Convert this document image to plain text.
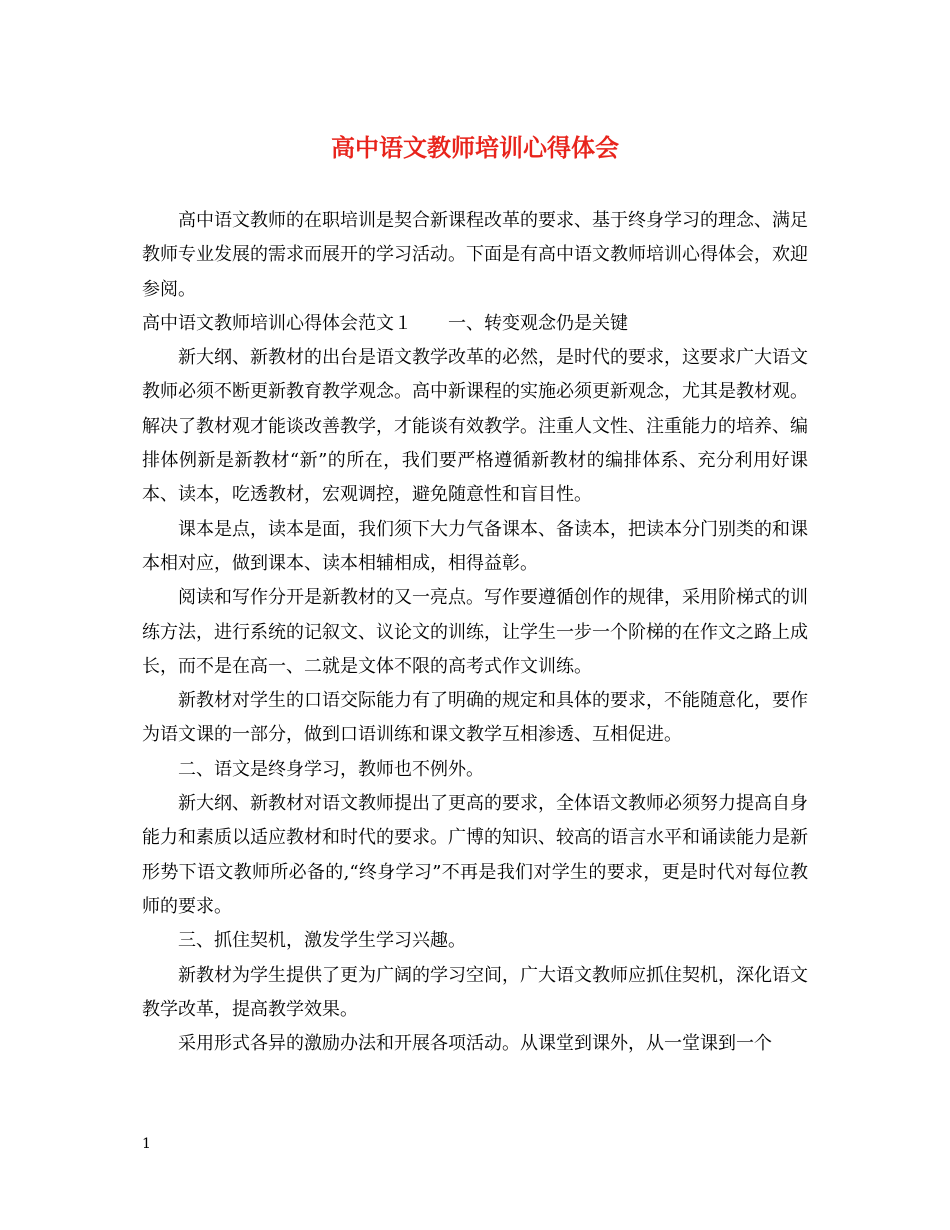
高中语文教师培训心得体会

高中语文教师的在职培训是契合新课程改革的要求、基于终身学习的理念、满足教师专业发展的需求而展开的学习活动。下面是有高中语文教师培训心得体会，欢迎参阅。

高中语文教师培训心得体会范文１　　一、转变观念仍是关键

新大纲、新教材的出台是语文教学改革的必然，是时代的要求，这要求广大语文教师必须不断更新教育教学观念。高中新课程的实施必须更新观念，尤其是教材观。解决了教材观才能谈改善教学，才能谈有效教学。注重人文性、注重能力的培养、编排体例新是新教材“新”的所在，我们要严格遵循新教材的编排体系、充分利用好课本、读本，吃透教材，宏观调控，避免随意性和盲目性。

课本是点，读本是面，我们须下大力气备课本、备读本，把读本分门别类的和课本相对应，做到课本、读本相辅相成，相得益彰。

阅读和写作分开是新教材的又一亮点。写作要遵循创作的规律，采用阶梯式的训练方法，进行系统的记叙文、议论文的训练，让学生一步一个阶梯的在作文之路上成长，而不是在高一、二就是文体不限的高考式作文训练。

新教材对学生的口语交际能力有了明确的规定和具体的要求，不能随意化，要作为语文课的一部分，做到口语训练和课文教学互相渗透、互相促进。

二、语文是终身学习，教师也不例外。

新大纲、新教材对语文教师提出了更高的要求，全体语文教师必须努力提高自身能力和素质以适应教材和时代的要求。广博的知识、较高的语言水平和诵读能力是新形势下语文教师所必备的,“终身学习”不再是我们对学生的要求，更是时代对每位教师的要求。

三、抓住契机，激发学生学习兴趣。

新教材为学生提供了更为广阔的学习空间，广大语文教师应抓住契机，深化语文教学改革，提高教学效果。

采用形式各异的激励办法和开展各项活动。从课堂到课外，从一堂课到一个

1
